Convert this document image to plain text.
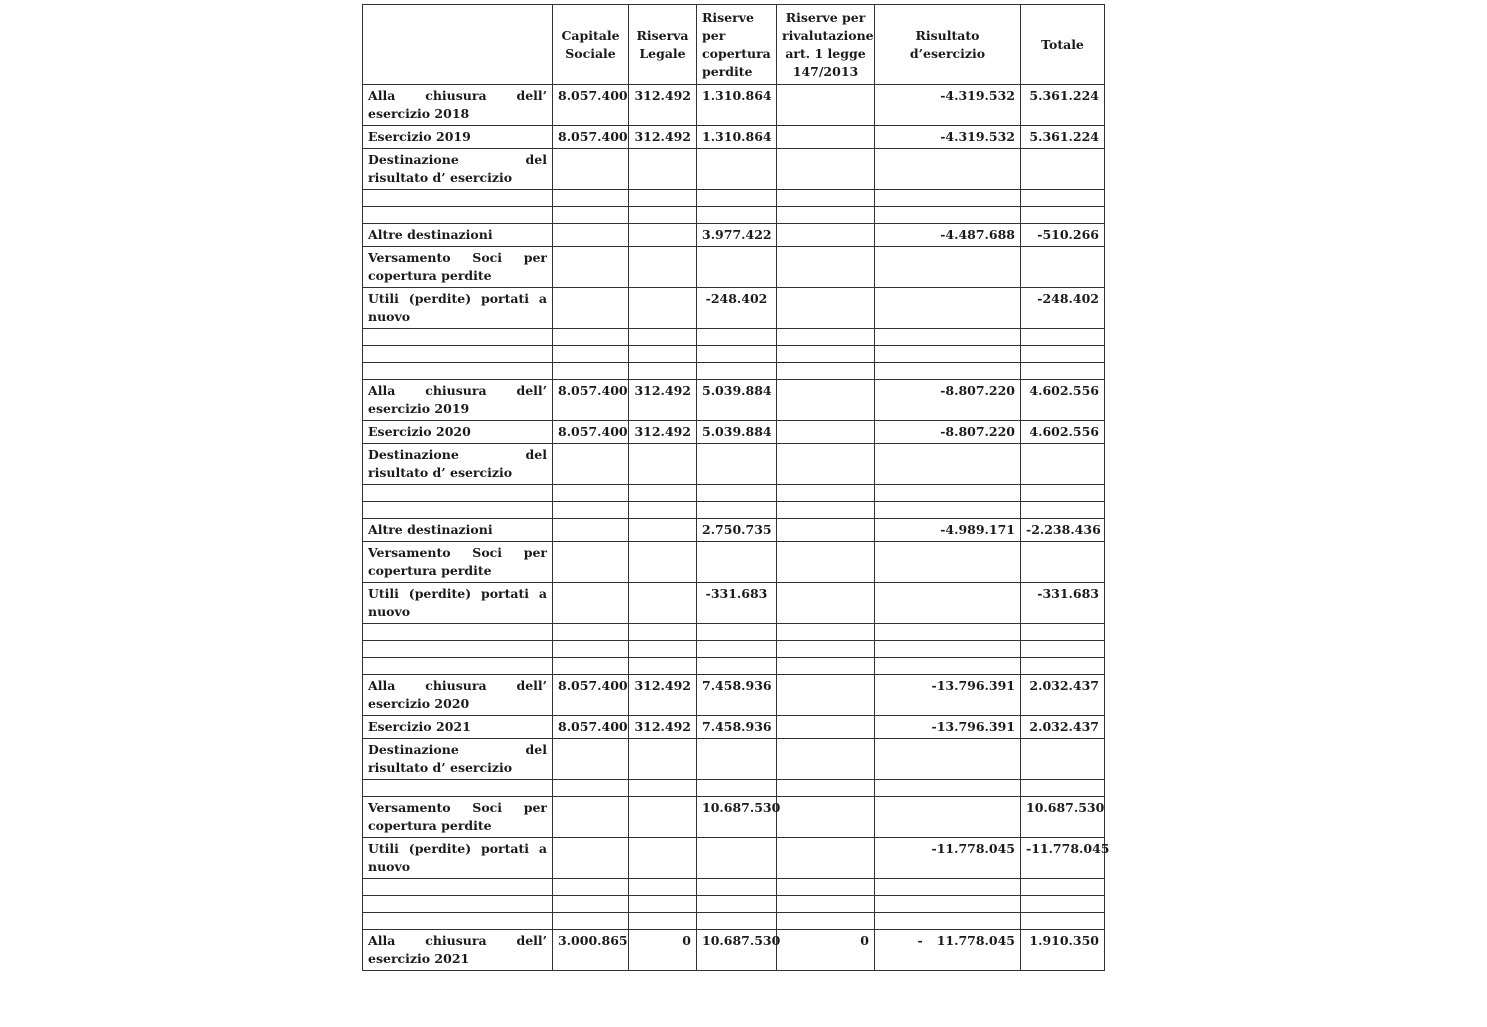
	Capitale Sociale	Riserva Legale	Riserve per copertura perdite	Riserve per rivalutazione art. 1 legge 147/2013	Risultato d’esercizio	Totale
Alla chiusura dell’ esercizio 2018	8.057.400	312.492	1.310.864		-4.319.532	5.361.224
Esercizio 2019	8.057.400	312.492	1.310.864		-4.319.532	5.361.224
Destinazione del risultato d’ esercizio						

Altre destinazioni			3.977.422		-4.487.688	-510.266
Versamento Soci per copertura perdite						
Utili (perdite) portati a nuovo			-248.402			-248.402

Alla chiusura dell’ esercizio 2019	8.057.400	312.492	5.039.884		-8.807.220	4.602.556
Esercizio 2020	8.057.400	312.492	5.039.884		-8.807.220	4.602.556
Destinazione del risultato d’ esercizio						

Altre destinazioni			2.750.735		-4.989.171	-2.238.436
Versamento Soci per copertura perdite						
Utili (perdite) portati a nuovo			-331.683			-331.683

Alla chiusura dell’ esercizio 2020	8.057.400	312.492	7.458.936		-13.796.391	2.032.437
Esercizio 2021	8.057.400	312.492	7.458.936		-13.796.391	2.032.437
Destinazione del risultato d’ esercizio						

Versamento Soci per copertura perdite			10.687.530			10.687.530
Utili (perdite) portati a nuovo					-11.778.045	-11.778.045

Alla chiusura dell’ esercizio 2021	3.000.865	0	10.687.530	0	- 11.778.045	1.910.350
